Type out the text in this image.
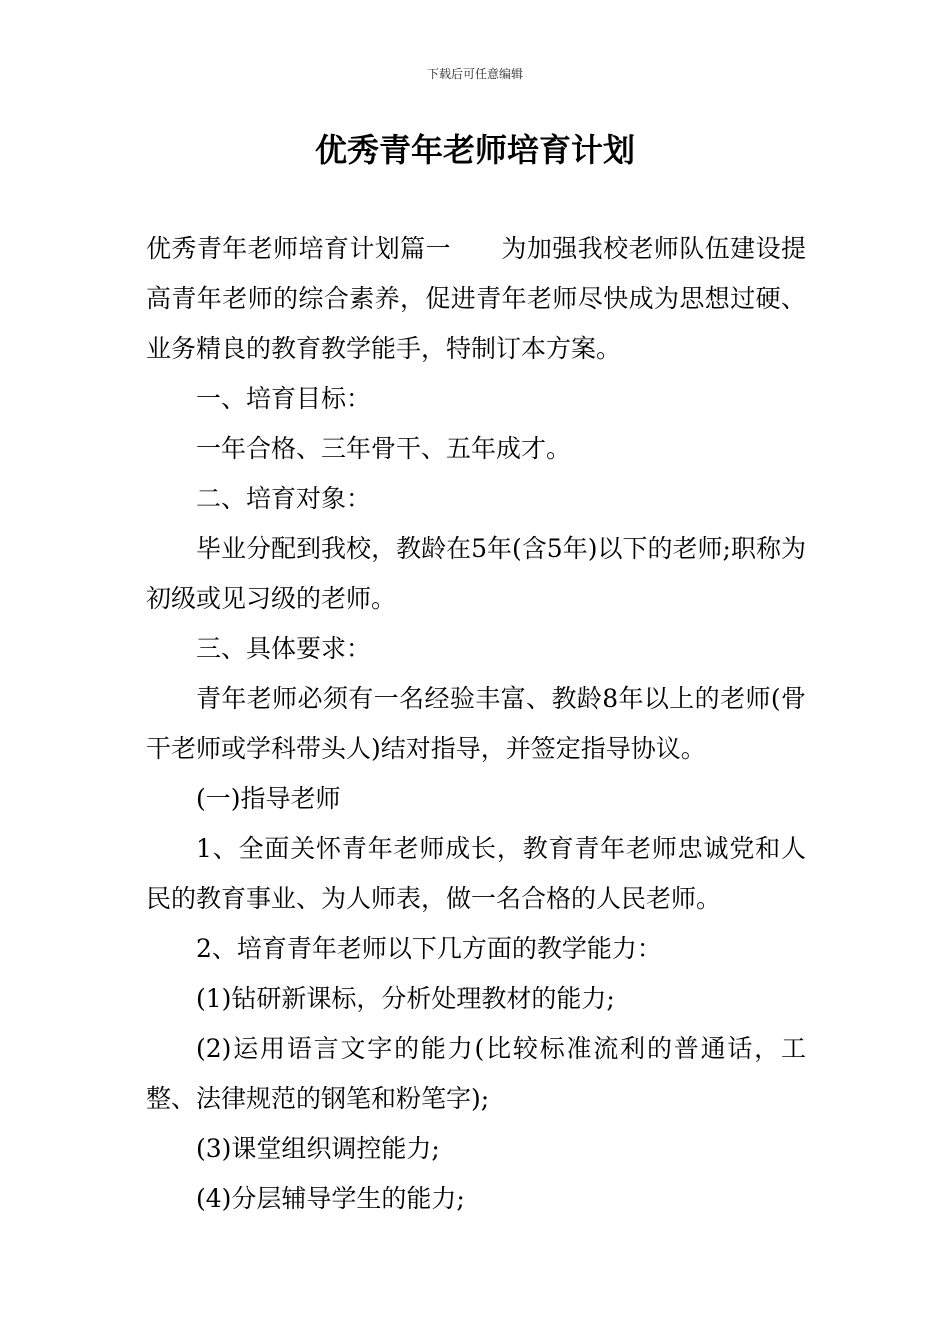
下载后可任意编辑
优秀青年老师培育计划

优秀青年老师培育计划篇一 为加强我校老师队伍建设提高青年老师的综合素养，促进青年老师尽快成为思想过硬、业务精良的教育教学能手，特制订本方案。

一、培育目标：

一年合格、三年骨干、五年成才。

二、培育对象：

毕业分配到我校，教龄在5年(含5年)以下的老师;职称为初级或见习级的老师。

三、具体要求：

青年老师必须有一名经验丰富、教龄8年以上的老师(骨干老师或学科带头人)结对指导，并签定指导协议。

(一)指导老师

1、全面关怀青年老师成长，教育青年老师忠诚党和人民的教育事业、为人师表，做一名合格的人民老师。

2、培育青年老师以下几方面的教学能力：

(1)钻研新课标，分析处理教材的能力;

(2)运用语言文字的能力(比较标准流利的普通话，工整、法律规范的钢笔和粉笔字);

(3)课堂组织调控能力;

(4)分层辅导学生的能力;
